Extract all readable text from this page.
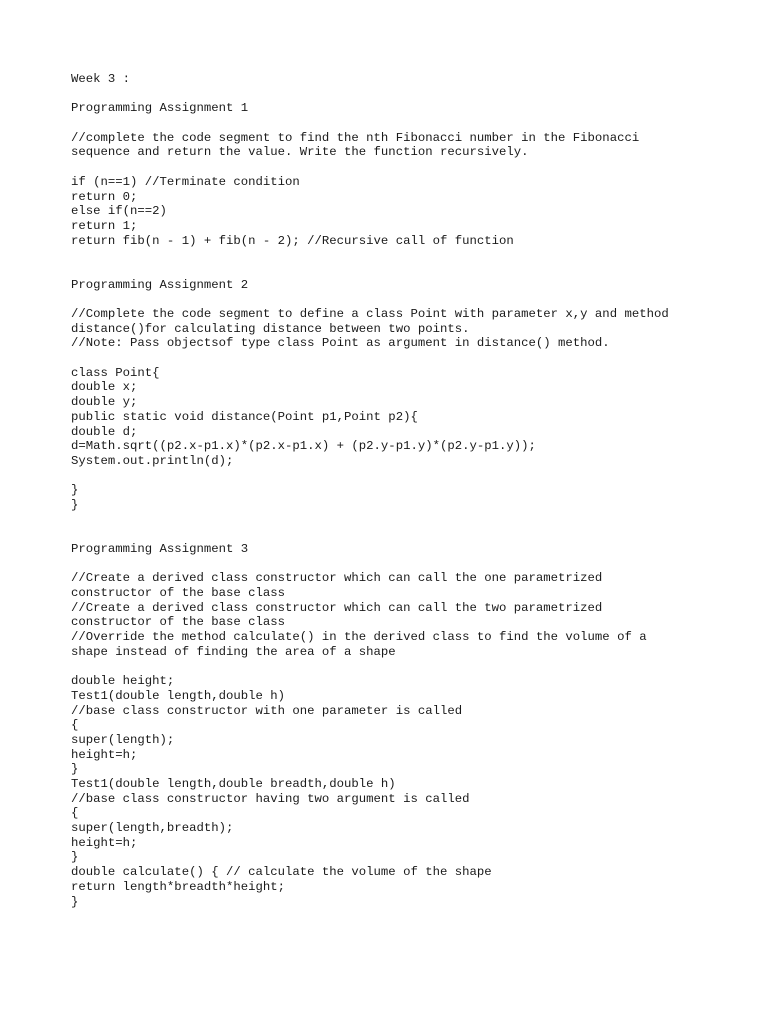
Week 3 :
Programming Assignment 1
//complete the code segment to find the nth Fibonacci number in the Fibonacci
sequence and return the value. Write the function recursively.
if (n==1) //Terminate condition
return 0;
else if(n==2)
return 1;
return fib(n - 1) + fib(n - 2); //Recursive call of function
Programming Assignment 2
//Complete the code segment to define a class Point with parameter x,y and method
distance()for calculating distance between two points.
//Note: Pass objectsof type class Point as argument in distance() method.
class Point{
double x;
double y;
public static void distance(Point p1,Point p2){
double d;
d=Math.sqrt((p2.x-p1.x)*(p2.x-p1.x) + (p2.y-p1.y)*(p2.y-p1.y));
System.out.println(d);
}
}
Programming Assignment 3
//Create a derived class constructor which can call the one parametrized
constructor of the base class
//Create a derived class constructor which can call the two parametrized
constructor of the base class
//Override the method calculate() in the derived class to find the volume of a
shape instead of finding the area of a shape
double height;
Test1(double length,double h)
//base class constructor with one parameter is called
{
super(length);
height=h;
}
Test1(double length,double breadth,double h)
//base class constructor having two argument is called
{
super(length,breadth);
height=h;
}
double calculate() { // calculate the volume of the shape
return length*breadth*height;
}
